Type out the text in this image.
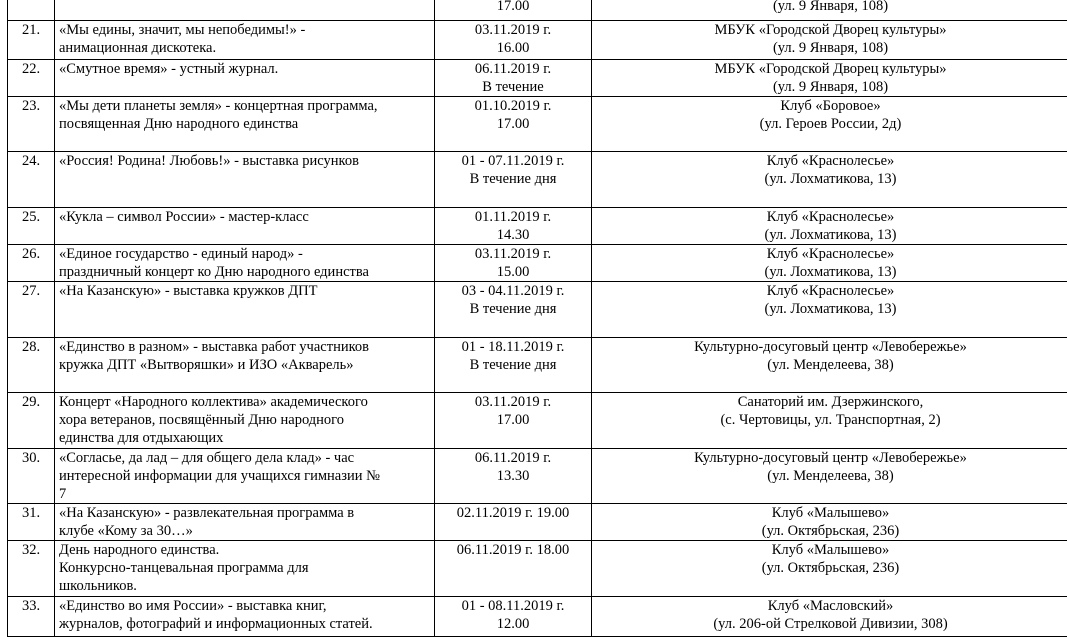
		17.00	(ул. 9 Января, 108)

21.	«Мы едины, значит, мы непобедимы!» -
анимационная дискотека.	03.11.2019 г.
16.00	МБУК «Городской Дворец культуры»
(ул. 9 Января, 108)

22.	«Смутное время» - устный журнал.	06.11.2019 г.
В течение	МБУК «Городской Дворец культуры»
(ул. 9 Января, 108)

23.	«Мы дети планеты земля» - концертная программа,
посвященная Дню народного единства	01.10.2019 г.
17.00	Клуб «Боровое»
(ул. Героев России, 2д)

24.	«Россия! Родина! Любовь!» - выставка рисунков	01 - 07.11.2019 г.
В течение дня	Клуб «Краснолесье»
(ул. Лохматикова, 13)

25.	«Кукла – символ России» - мастер-класс	01.11.2019 г.
14.30	Клуб «Краснолесье»
(ул. Лохматикова, 13)

26.	«Единое государство - единый народ» -
праздничный концерт ко Дню народного единства	03.11.2019 г.
15.00	Клуб «Краснолесье»
(ул. Лохматикова, 13)

27.	«На Казанскую» - выставка кружков ДПТ	03 - 04.11.2019 г.
В течение дня	Клуб «Краснолесье»
(ул. Лохматикова, 13)

28.	«Единство в разном» - выставка работ участников
кружка ДПТ «Вытворяшки» и ИЗО «Акварель»	01 - 18.11.2019 г.
В течение дня	Культурно-досуговый центр «Левобережье»
(ул. Менделеева, 38)

29.	Концерт «Народного коллектива» академического
хора ветеранов, посвящённый Дню народного
единства для отдыхающих	03.11.2019 г.
17.00	Санаторий им. Дзержинского,
(с. Чертовицы, ул. Транспортная, 2)

30.	«Согласье, да лад – для общего дела клад» - час
интересной информации для учащихся гимназии №
7	06.11.2019 г.
13.30	Культурно-досуговый центр «Левобережье»
(ул. Менделеева, 38)

31.	«На Казанскую» - развлекательная программа в
клубе «Кому за 30…»	02.11.2019 г. 19.00	Клуб «Малышево»
(ул. Октябрьская, 236)

32.	День народного единства.
Конкурсно-танцевальная программа для
школьников.	06.11.2019 г. 18.00	Клуб «Малышево»
(ул. Октябрьская, 236)

33.	«Единство во имя России» - выставка книг,
журналов, фотографий и информационных статей.	01 - 08.11.2019 г.
12.00	Клуб «Масловский»
(ул. 206-ой Стрелковой Дивизии, 308)
